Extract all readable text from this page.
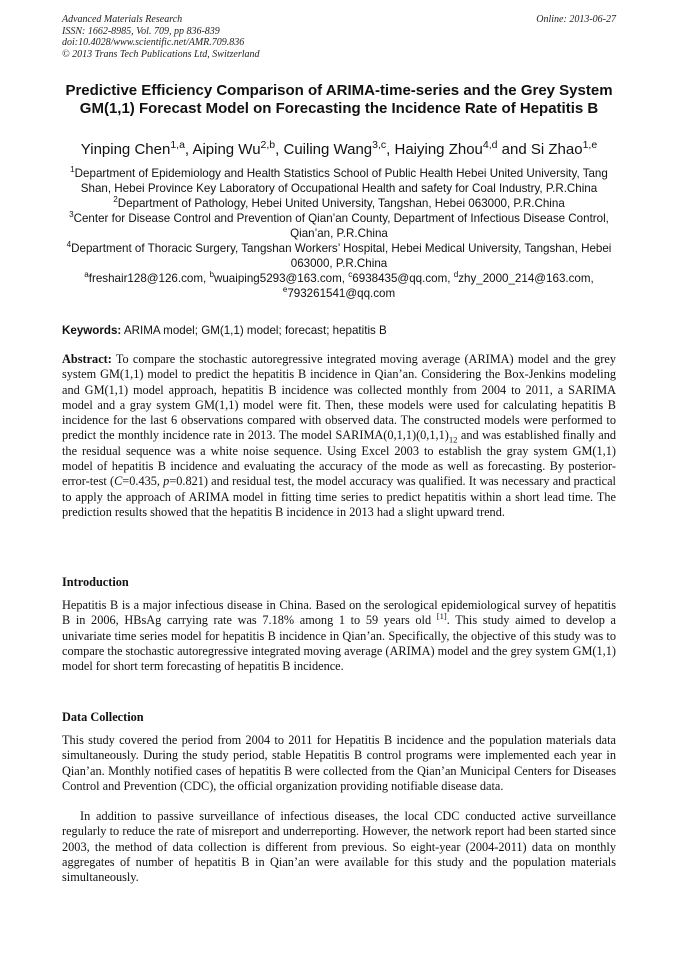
Advanced Materials Research
ISSN: 1662-8985, Vol. 709, pp 836-839
doi:10.4028/www.scientific.net/AMR.709.836
© 2013 Trans Tech Publications Ltd, Switzerland
Online: 2013-06-27
Predictive Efficiency Comparison of ARIMA-time-series and the Grey System GM(1,1) Forecast Model on Forecasting the Incidence Rate of Hepatitis B
Yinping Chen$^{1,a}$, Aiping Wu$^{2,b}$, Cuiling Wang$^{3,c}$, Haiying Zhou$^{4,d}$ and Si Zhao$^{1,e}$

$^1$Department of Epidemiology and Health Statistics School of Public Health Hebei United University, Tang Shan, Hebei Province Key Laboratory of Occupational Health and safety for Coal Industry, P.R.China

$^2$Department of Pathology, Hebei United University, Tangshan, Hebei 063000, P.R.China

$^3$Center for Disease Control and Prevention of Qian’an County, Department of Infectious Disease Control, Qian’an, P.R.China

$^4$Department of Thoracic Surgery, Tangshan Workers’ Hospital, Hebei Medical University, Tangshan, Hebei 063000, P.R.China

$^a$freshair128@126.com, $^b$wuaiping5293@163.com, $^c$6938435@qq.com, $^d$zhy_2000_214@163.com, $^e$793261541@qq.com

Keywords: ARIMA model; GM(1,1) model; forecast; hepatitis B

Abstract: To compare the stochastic autoregressive integrated moving average (ARIMA) model and the grey system GM(1,1) model to predict the hepatitis B incidence in Qian’an. Considering the Box-Jenkins modeling and GM(1,1) model approach, hepatitis B incidence was collected monthly from 2004 to 2011, a SARIMA model and a gray system GM(1,1) model were fit. Then, these models were used for calculating hepatitis B incidence for the last 6 observations compared with observed data. The constructed models were performed to predict the monthly incidence rate in 2013. The model $SARIMA(0,1,1)(0,1,1)_{12}$ and was established finally and the residual sequence was a white noise sequence. Using Excel 2003 to establish the gray system GM(1,1) model of hepatitis B incidence and evaluating the accuracy of the mode as well as forecasting. By posterior-error-test (C=0.435, p=0.821) and residual test, the model accuracy was qualified. It was necessary and practical to apply the approach of ARIMA model in fitting time series to predict hepatitis within a short lead time. The prediction results showed that the hepatitis B incidence in 2013 had a slight upward trend.

Introduction

Hepatitis B is a major infectious disease in China. Based on the serological epidemiological survey of hepatitis B in 2006, HBsAg carrying rate was 7.18% among 1 to 59 years old [1]. This study aimed to develop a univariate time series model for hepatitis B incidence in Qian’an. Specifically, the objective of this study was to compare the stochastic autoregressive integrated moving average (ARIMA) model and the grey system GM(1,1) model for short term forecasting of hepatitis B incidence.

Data Collection

This study covered the period from 2004 to 2011 for Hepatitis B incidence and the population materials data simultaneously. During the study period, stable Hepatitis B control programs were implemented each year in Qian’an. Monthly notified cases of hepatitis B were collected from the Qian’an Municipal Centers for Diseases Control and Prevention (CDC), the official organization providing notifiable disease data.

In addition to passive surveillance of infectious diseases, the local CDC conducted active surveillance regularly to reduce the rate of misreport and underreporting. However, the network report had been started since 2003, the method of data collection is different from previous. So eight-year (2004-2011) data on monthly aggregates of number of hepatitis B in Qian’an were available for this study and the population materials simultaneously.
